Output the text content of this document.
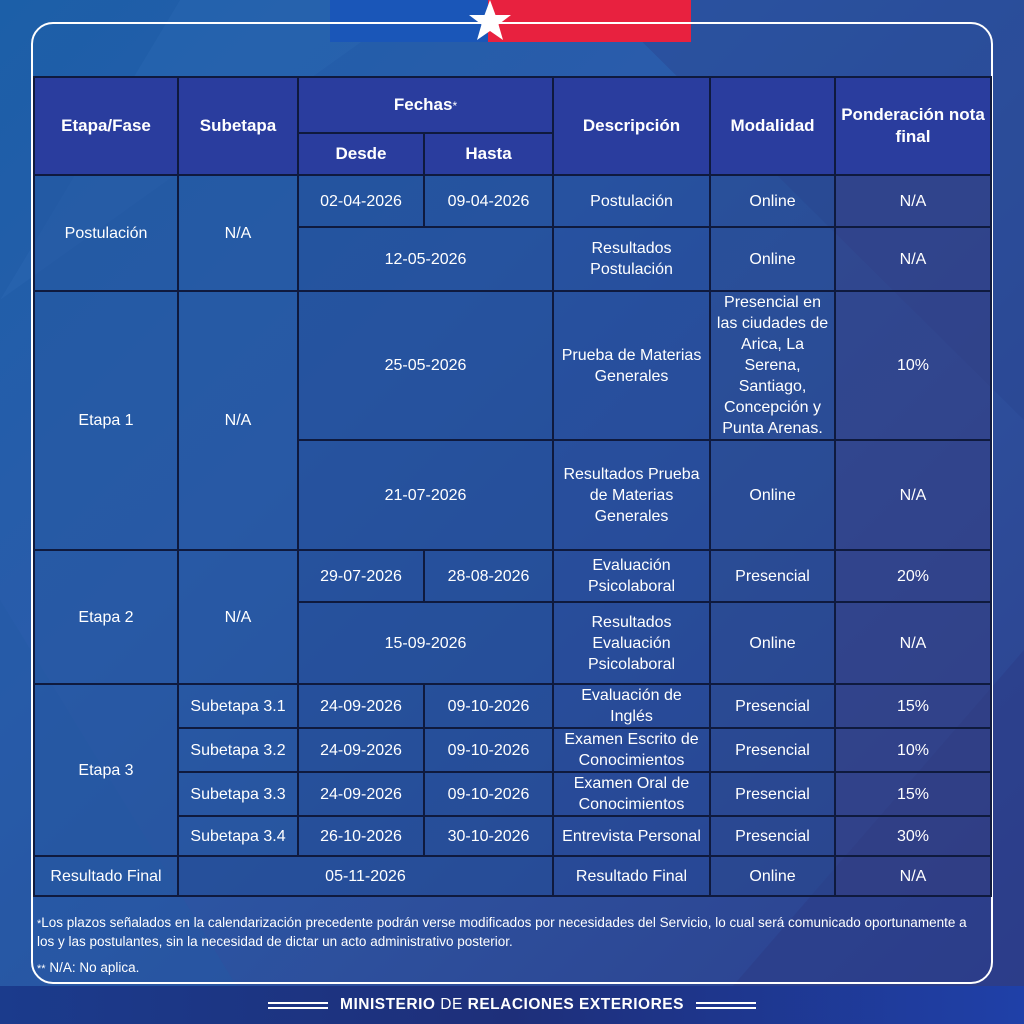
Etapa/Fase	Subetapa	Fechas*		Descripción	Modalidad	Ponderación nota final
		Desde	Hasta			
Postulación	N/A	02-04-2026	09-04-2026	Postulación	Online	N/A
		12-05-2026		Resultados Postulación	Online	N/A
Etapa 1	N/A	25-05-2026		Prueba de Materias Generales	Presencial en las ciudades de Arica, La Serena, Santiago, Concepción y Punta Arenas.	10%
		21-07-2026		Resultados Prueba de Materias Generales	Online	N/A
Etapa 2	N/A	29-07-2026	28-08-2026	Evaluación Psicolaboral	Presencial	20%
		15-09-2026		Resultados Evaluación Psicolaboral	Online	N/A
Etapa 3	Subetapa 3.1	24-09-2026	09-10-2026	Evaluación de Inglés	Presencial	15%
	Subetapa 3.2	24-09-2026	09-10-2026	Examen Escrito de Conocimientos	Presencial	10%
	Subetapa 3.3	24-09-2026	09-10-2026	Examen Oral de Conocimientos	Presencial	15%
	Subetapa 3.4	26-10-2026	30-10-2026	Entrevista Personal	Presencial	30%
Resultado Final	05-11-2026			Resultado Final	Online	N/A
*Los plazos señalados en la calendarización precedente podrán verse modificados por necesidades del Servicio, lo cual será comunicado oportunamente a los y las postulantes, sin la necesidad de dictar un acto administrativo posterior.
** N/A: No aplica.
MINISTERIO DE RELACIONES EXTERIORES
